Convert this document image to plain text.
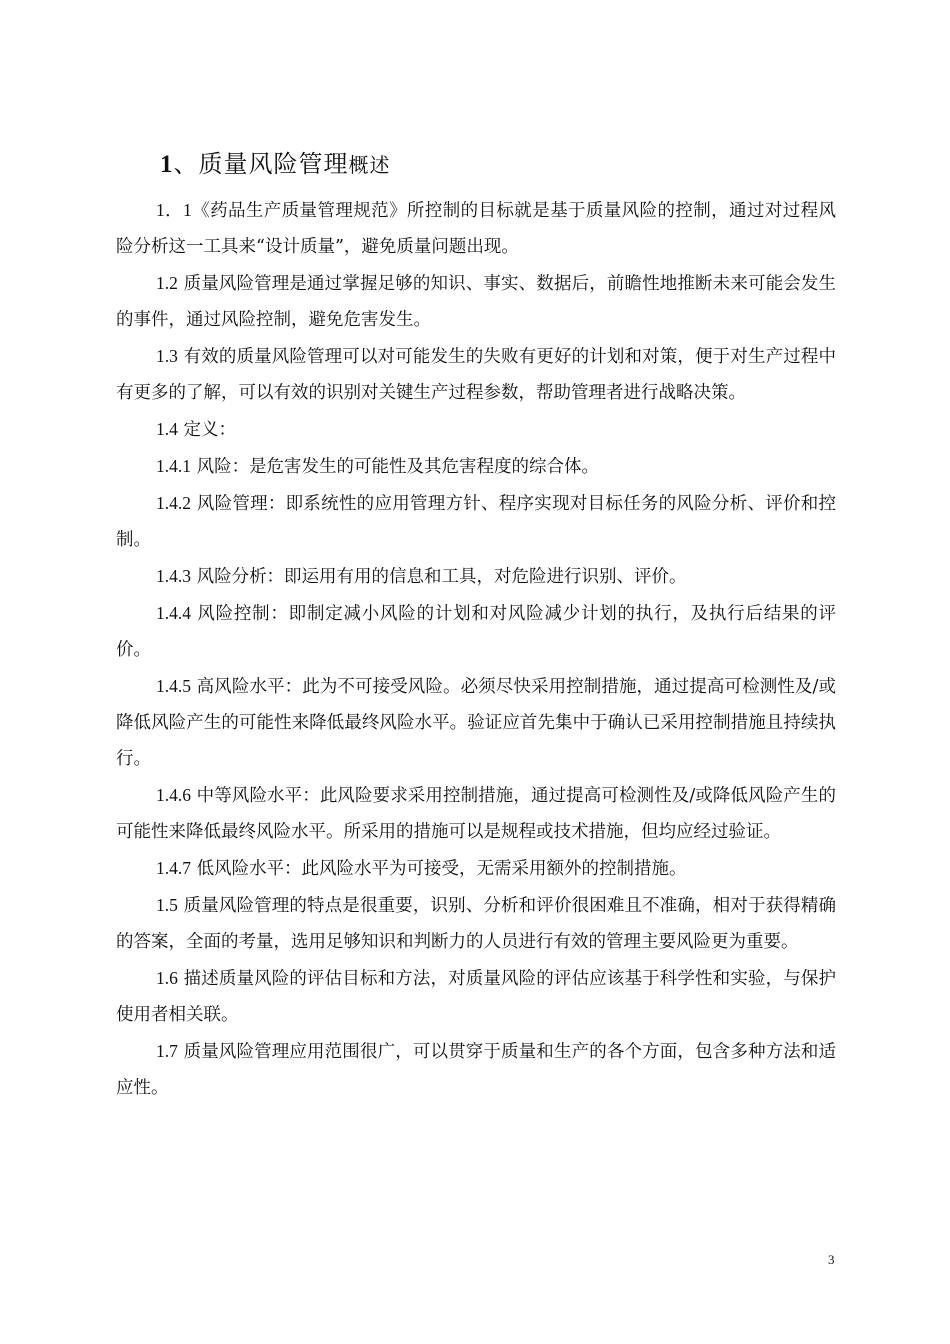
1、质量风险管理概述

1．1《药品生产质量管理规范》所控制的目标就是基于质量风险的控制，通过对过程风险分析这一工具来“设计质量”，避免质量问题出现。

1.2 质量风险管理是通过掌握足够的知识、事实、数据后，前瞻性地推断未来可能会发生的事件，通过风险控制，避免危害发生。

1.3 有效的质量风险管理可以对可能发生的失败有更好的计划和对策，便于对生产过程中有更多的了解，可以有效的识别对关键生产过程参数，帮助管理者进行战略决策。

1.4 定义：

1.4.1 风险：是危害发生的可能性及其危害程度的综合体。

1.4.2 风险管理：即系统性的应用管理方针、程序实现对目标任务的风险分析、评价和控制。

1.4.3 风险分析：即运用有用的信息和工具，对危险进行识别、评价。

1.4.4 风险控制：即制定减小风险的计划和对风险减少计划的执行，及执行后结果的评价。

1.4.5 高风险水平：此为不可接受风险。必须尽快采用控制措施，通过提高可检测性及/或降低风险产生的可能性来降低最终风险水平。验证应首先集中于确认已采用控制措施且持续执行。

1.4.6 中等风险水平：此风险要求采用控制措施，通过提高可检测性及/或降低风险产生的可能性来降低最终风险水平。所采用的措施可以是规程或技术措施，但均应经过验证。

1.4.7 低风险水平：此风险水平为可接受，无需采用额外的控制措施。

1.5 质量风险管理的特点是很重要，识别、分析和评价很困难且不准确，相对于获得精确的答案，全面的考量，选用足够知识和判断力的人员进行有效的管理主要风险更为重要。

1.6 描述质量风险的评估目标和方法，对质量风险的评估应该基于科学性和实验，与保护使用者相关联。

1.7 质量风险管理应用范围很广，可以贯穿于质量和生产的各个方面，包含多种方法和适应性。

3
